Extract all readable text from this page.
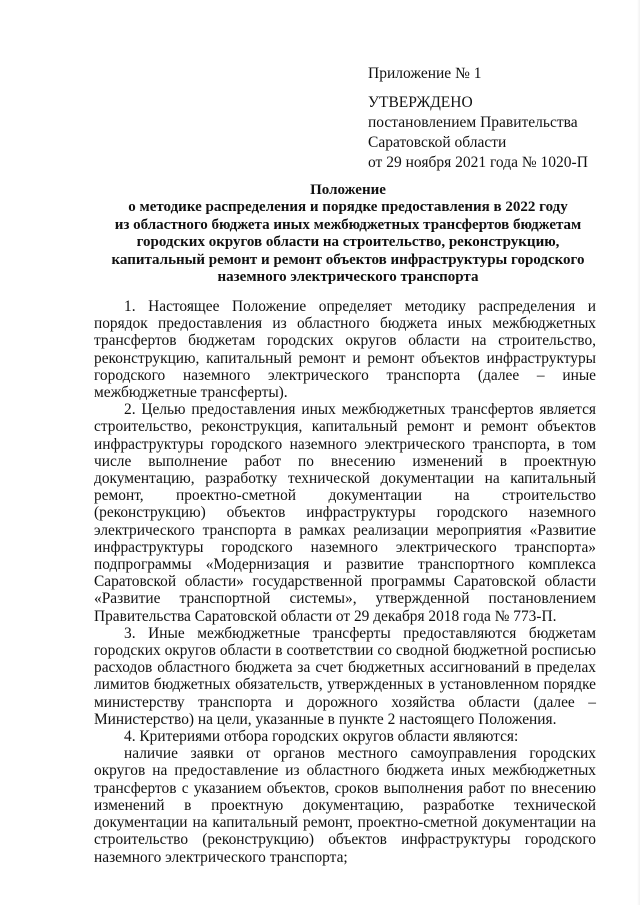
Приложение № 1
УТВЕРЖДЕНО
постановлением Правительства
Саратовской области
от 29 ноября 2021 года № 1020-П
Положение
о методике распределения и порядке предоставления в 2022 году
из областного бюджета иных межбюджетных трансфертов бюджетам
городских округов области на строительство, реконструкцию,
капитальный ремонт и ремонт объектов инфраструктуры городского
наземного электрического транспорта

1. Настоящее Положение определяет методику распределения и порядок предоставления из областного бюджета иных межбюджетных трансфертов бюджетам городских округов области на строительство, реконструкцию, капитальный ремонт и ремонт объектов инфраструктуры городского наземного электрического транспорта (далее – иные межбюджетные трансферты).

2. Целью предоставления иных межбюджетных трансфертов является строительство, реконструкция, капитальный ремонт и ремонт объектов инфраструктуры городского наземного электрического транспорта, в том числе выполнение работ по внесению изменений в проектную документацию, разработку технической документации на капитальный ремонт, проектно-сметной документации на строительство (реконструкцию) объектов инфраструктуры городского наземного электрического транспорта в рамках реализации мероприятия «Развитие инфраструктуры городского наземного электрического транспорта» подпрограммы «Модернизация и развитие транспортного комплекса Саратовской области» государственной программы Саратовской области «Развитие транспортной системы», утвержденной постановлением Правительства Саратовской области от 29 декабря 2018 года № 773-П.

3. Иные межбюджетные трансферты предоставляются бюджетам городских округов области в соответствии со сводной бюджетной росписью расходов областного бюджета за счет бюджетных ассигнований в пределах лимитов бюджетных обязательств, утвержденных в установленном порядке министерству транспорта и дорожного хозяйства области (далее – Министерство) на цели, указанные в пункте 2 настоящего Положения.

4. Критериями отбора городских округов области являются:

наличие заявки от органов местного самоуправления городских округов на предоставление из областного бюджета иных межбюджетных трансфертов с указанием объектов, сроков выполнения работ по внесению изменений в проектную документацию, разработке технической документации на капитальный ремонт, проектно-сметной документации на строительство (реконструкцию) объектов инфраструктуры городского наземного электрического транспорта;
